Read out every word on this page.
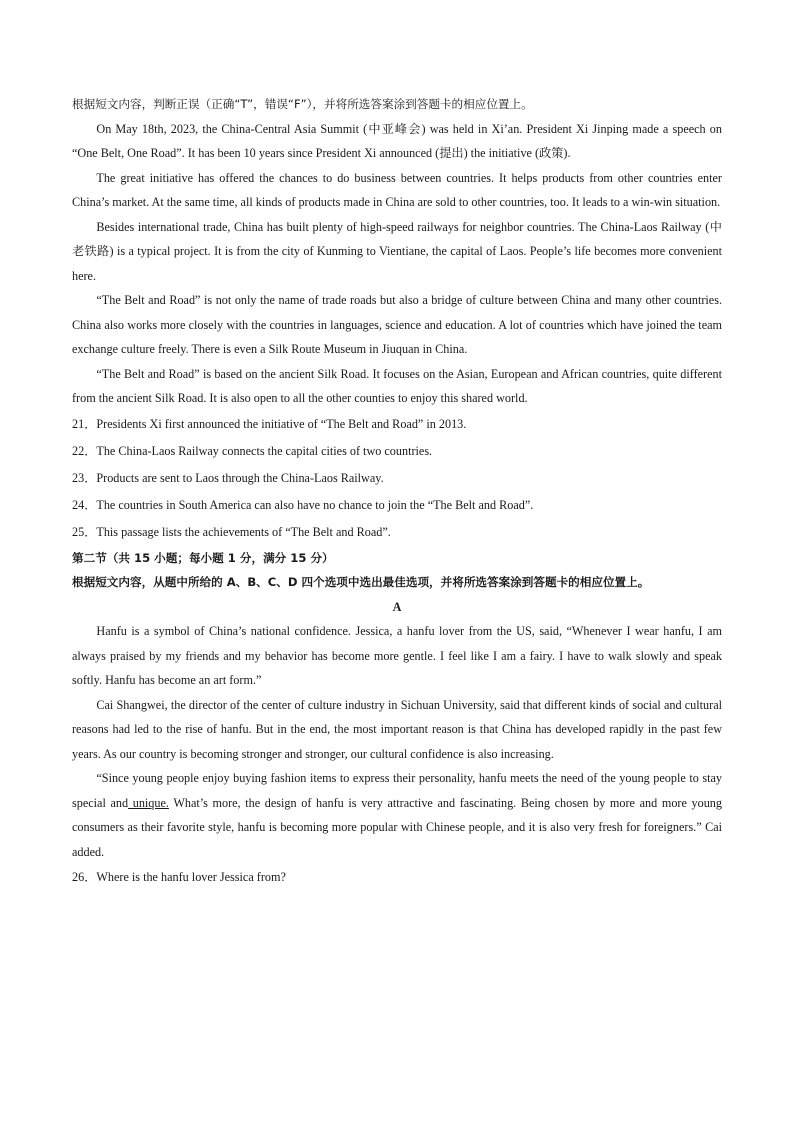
根据短文内容，判断正误（正确“T”，错误“F”），并将所选答案涂到答题卡的相应位置上。

On May 18th, 2023, the China-Central Asia Summit (中亚峰会) was held in Xi’an. President Xi Jinping made a speech on “One Belt, One Road”. It has been 10 years since President Xi announced (提出) the initiative (政策).

The great initiative has offered the chances to do business between countries. It helps products from other countries enter China’s market. At the same time, all kinds of products made in China are sold to other countries, too. It leads to a win-win situation.

Besides international trade, China has built plenty of high-speed railways for neighbor countries. The China-Laos Railway (中老铁路) is a typical project. It is from the city of Kunming to Vientiane, the capital of Laos. People’s life becomes more convenient here.

“The Belt and Road” is not only the name of trade roads but also a bridge of culture between China and many other countries. China also works more closely with the countries in languages, science and education. A lot of countries which have joined the team exchange culture freely. There is even a Silk Route Museum in Jiuquan in China.

“The Belt and Road” is based on the ancient Silk Road. It focuses on the Asian, European and African countries, quite different from the ancient Silk Road. It is also open to all the other counties to enjoy this shared world.

21．Presidents Xi first announced the initiative of “The Belt and Road” in 2013.

22．The China-Laos Railway connects the capital cities of two countries.

23．Products are sent to Laos through the China-Laos Railway.

24．The countries in South America can also have no chance to join the “The Belt and Road”.

25．This passage lists the achievements of “The Belt and Road”.

第二节（共 15 小题；每小题 1 分，满分 15 分）

根据短文内容，从题中所给的 A、B、C、D 四个选项中选出最佳选项，并将所选答案涂到答题卡的相应位置上。

A

Hanfu is a symbol of China’s national confidence. Jessica, a hanfu lover from the US, said, “Whenever I wear hanfu, I am always praised by my friends and my behavior has become more gentle. I feel like I am a fairy. I have to walk slowly and speak softly. Hanfu has become an art form.”

Cai Shangwei, the director of the center of culture industry in Sichuan University, said that different kinds of social and cultural reasons had led to the rise of hanfu. But in the end, the most important reason is that China has developed rapidly in the past few years. As our country is becoming stronger and stronger, our cultural confidence is also increasing.

“Since young people enjoy buying fashion items to express their personality, hanfu meets the need of the young people to stay special and unique. What’s more, the design of hanfu is very attractive and fascinating. Being chosen by more and more young consumers as their favorite style, hanfu is becoming more popular with Chinese people, and it is also very fresh for foreigners.” Cai added.

26．Where is the hanfu lover Jessica from?
